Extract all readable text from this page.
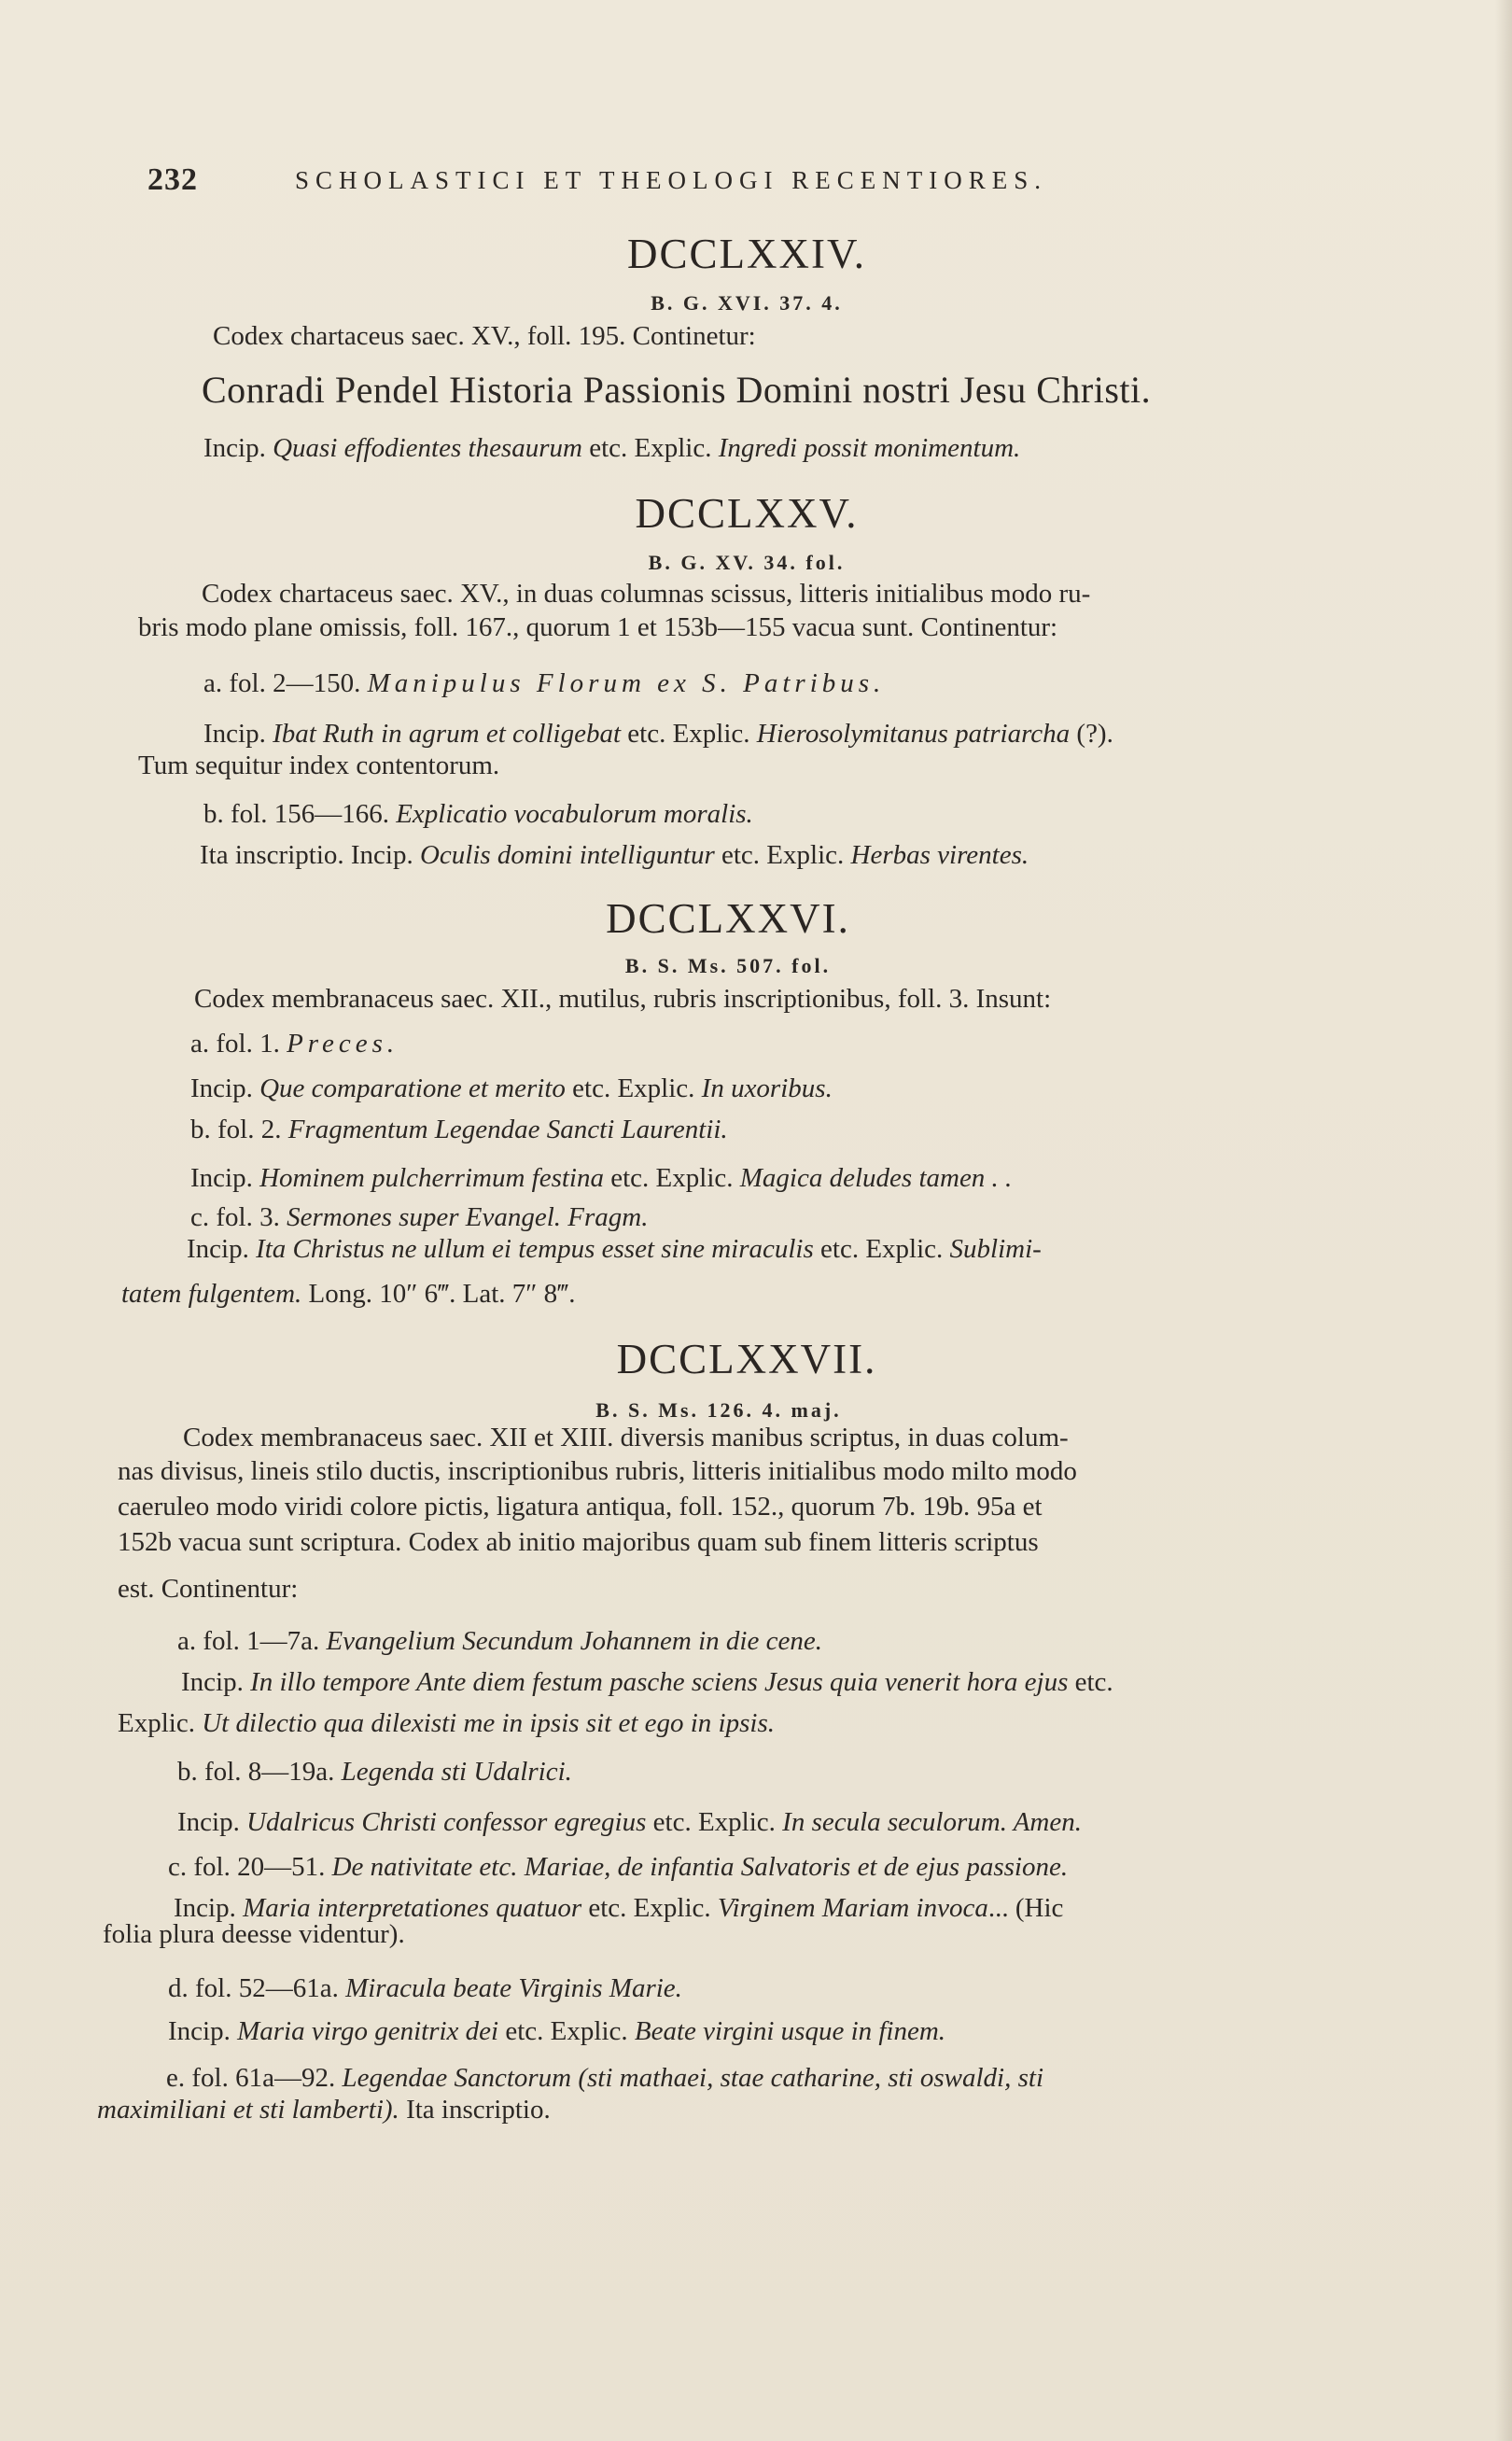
232	SCHOLASTICI ET THEOLOGI RECENTIORES.
DCCLXXIV.
B. G. XVI. 37. 4.
Codex chartaceus saec. XV., foll. 195. Continetur:
Conradi Pendel Historia Passionis Domini nostri Jesu Christi.
Incip. Quasi effodientes thesaurum etc. Explic. Ingredi possit monimentum.
DCCLXXV.
B. G. XV. 34. fol.
Codex chartaceus saec. XV., in duas columnas scissus, litteris initialibus modo ru-
bris modo plane omissis, foll. 167., quorum 1 et 153b—155 vacua sunt. Continentur:
a. fol. 2—150. Manipulus Florum ex S. Patribus.
Incip. Ibat Ruth in agrum et colligebat etc. Explic. Hierosolymitanus patriarcha (?).
Tum sequitur index contentorum.
b. fol. 156—166. Explicatio vocabulorum moralis.
Ita inscriptio. Incip. Oculis domini intelliguntur etc. Explic. Herbas virentes.
DCCLXXVI.
B. S. Ms. 507. fol.
Codex membranaceus saec. XII., mutilus, rubris inscriptionibus, foll. 3. Insunt:
a. fol. 1. Preces.
Incip. Que comparatione et merito etc. Explic. In uxoribus.
b. fol. 2. Fragmentum Legendae Sancti Laurentii.
Incip. Hominem pulcherrimum festina etc. Explic. Magica deludes tamen . .
c. fol. 3. Sermones super Evangel. Fragm.
Incip. Ita Christus ne ullum ei tempus esset sine miraculis etc. Explic. Sublimi-
tatem fulgentem. Long. 10″ 6‴. Lat. 7″ 8‴.
DCCLXXVII.
B. S. Ms. 126. 4. maj.
Codex membranaceus saec. XII et XIII. diversis manibus scriptus, in duas colum-
nas divisus, lineis stilo ductis, inscriptionibus rubris, litteris initialibus modo milto modo
caeruleo modo viridi colore pictis, ligatura antiqua, foll. 152., quorum 7b. 19b. 95a et
152b vacua sunt scriptura. Codex ab initio majoribus quam sub finem litteris scriptus
est. Continentur:
a. fol. 1—7a. Evangelium Secundum Johannem in die cene.
Incip. In illo tempore Ante diem festum pasche sciens Jesus quia venerit hora ejus etc.
Explic. Ut dilectio qua dilexisti me in ipsis sit et ego in ipsis.
b. fol. 8—19a. Legenda sti Udalrici.
Incip. Udalricus Christi confessor egregius etc. Explic. In secula seculorum. Amen.
c. fol. 20—51. De nativitate etc. Mariae, de infantia Salvatoris et de ejus passione.
Incip. Maria interpretationes quatuor etc. Explic. Virginem Mariam invoca... (Hic
folia plura deesse videntur).
d. fol. 52—61a. Miracula beate Virginis Marie.
Incip. Maria virgo genitrix dei etc. Explic. Beate virgini usque in finem.
e. fol. 61a—92. Legendae Sanctorum (sti mathaei, stae catharine, sti oswaldi, sti
maximiliani et sti lamberti). Ita inscriptio.
